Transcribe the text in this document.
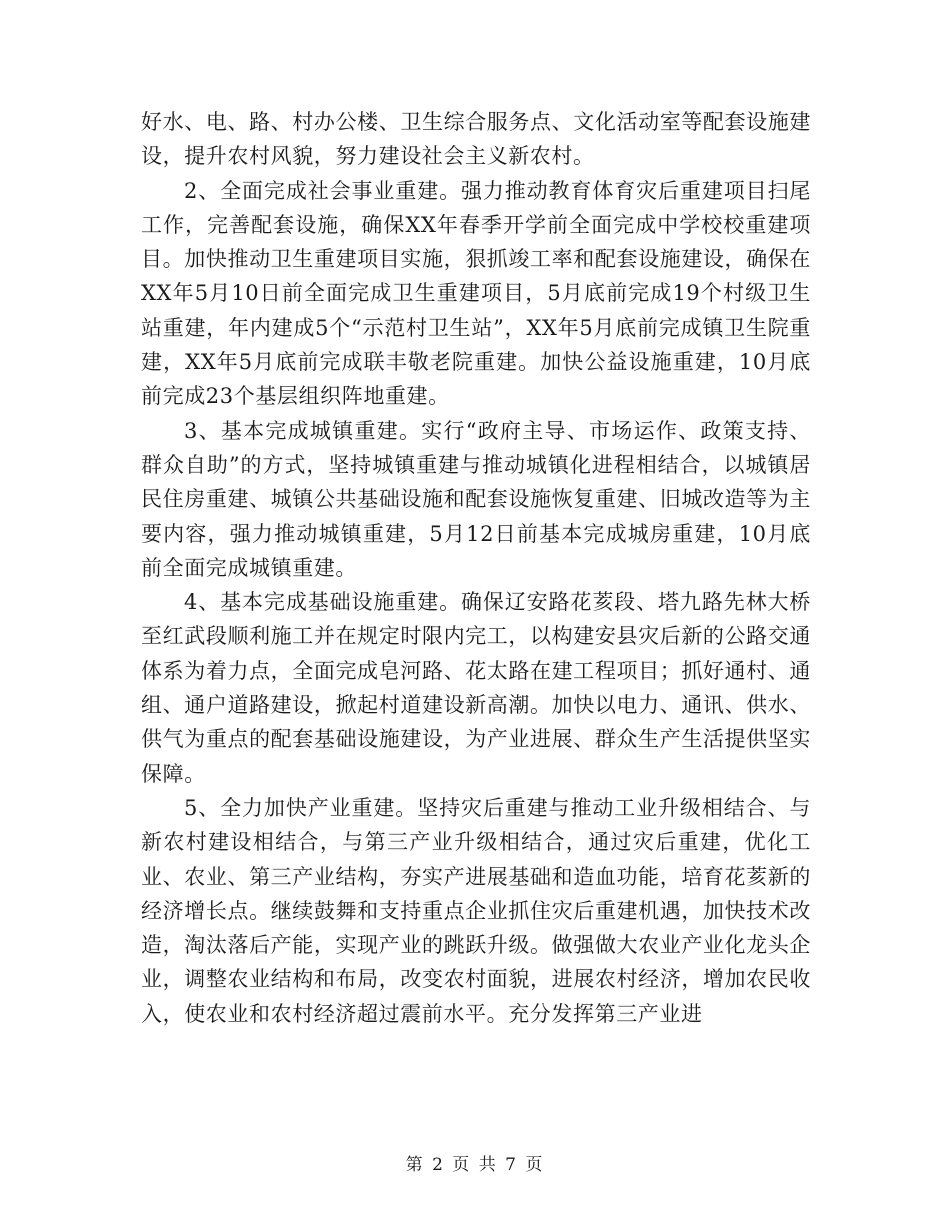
好水、电、路、村办公楼、卫生综合服务点、文化活动室等配套设施建设，提升农村风貌，努力建设社会主义新农村。

2、全面完成社会事业重建。强力推动教育体育灾后重建项目扫尾工作，完善配套设施，确保XX年春季开学前全面完成中学校校重建项目。加快推动卫生重建项目实施，狠抓竣工率和配套设施建设，确保在XX年5月10日前全面完成卫生重建项目，5月底前完成19个村级卫生站重建，年内建成5个“示范村卫生站”，XX年5月底前完成镇卫生院重建，XX年5月底前完成联丰敬老院重建。加快公益设施重建，10月底前完成23个基层组织阵地重建。

3、基本完成城镇重建。实行“政府主导、市场运作、政策支持、群众自助”的方式，坚持城镇重建与推动城镇化进程相结合，以城镇居民住房重建、城镇公共基础设施和配套设施恢复重建、旧城改造等为主要内容，强力推动城镇重建，5月12日前基本完成城房重建，10月底前全面完成城镇重建。

4、基本完成基础设施重建。确保辽安路花荄段、塔九路先林大桥至红武段顺利施工并在规定时限内完工，以构建安县灾后新的公路交通体系为着力点，全面完成皂河路、花太路在建工程项目；抓好通村、通组、通户道路建设，掀起村道建设新高潮。加快以电力、通讯、供水、供气为重点的配套基础设施建设，为产业进展、群众生产生活提供坚实保障。

5、全力加快产业重建。坚持灾后重建与推动工业升级相结合、与新农村建设相结合，与第三产业升级相结合，通过灾后重建，优化工业、农业、第三产业结构，夯实产进展基础和造血功能，培育花荄新的经济增长点。继续鼓舞和支持重点企业抓住灾后重建机遇，加快技术改造，淘汰落后产能，实现产业的跳跃升级。做强做大农业产业化龙头企业，调整农业结构和布局，改变农村面貌，进展农村经济，增加农民收入，使农业和农村经济超过震前水平。充分发挥第三产业进

第 2 页 共 7 页
